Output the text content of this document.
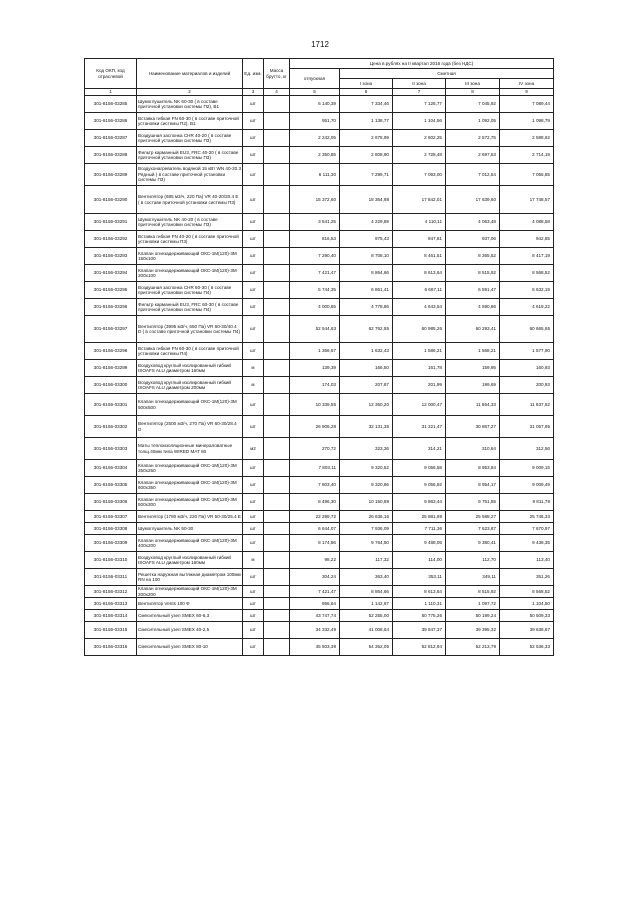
1712
Код ОКП, код отраслевой	Наименование материалов и изделий	Ед. изм.	Масса брутто, кг	Цена в рублях на II квартал 2016 года (без НДС)				
				отпускная	Сметная			
					I зона	II зона	III зона	IV зона
1	2	3	4	5	6	7	8	9
301-8156-03285	Шумоглушитель NK 60-30 ( в составе приточной установки системы П2), В1	шт		6 140,39	7 334,46	7 126,77	7 045,92	7 089,44
301-8156-03286	Вставка гибкая FN 60-30 ( в составе приточной установки системы П2), В1	шт		951,70	1 138,77	1 104,56	1 092,05	1 098,79
301-8156-03287	Воздушная заслонка CHR 40-20 ( в составе приточной установки системы П3)	шт		2 242,05	2 678,99	2 602,25	2 572,75	2 588,62
301-8156-03288	Фильтр карманный EU3, FRC 40-20 ( в составе приточной установки системы П3)	шт		2 350,85	2 808,90	2 728,48	2 697,53	2 714,19
301-8156-03289	Воздухонагреватель водяной 15 кВт WN 40-20.3 Рядный ( в составе приточной установки системы П3)	шт		6 111,30	7 299,71	7 093,00	7 012,54	7 055,85
301-8156-03290	Вентилятор (685 м3/ч, 220 Па) VR 40-20/20.4 Е ( в составе приточной установки системы П3)	шт		15 372,60	18 364,98	17 842,01	17 639,60	17 748,57
301-8156-03291	Шумоглушитель NK 40-20 ( в составе приточной установки системы П3)	шт		3 541,25	4 229,89	4 110,11	4 063,48	4 088,58
301-8156-03292	Вставка гибкая FN 40-20 ( в составе приточной установки системы П3)	шт		816,53	975,43	947,81	937,06	942,85
301-8156-03293	Клапан огнезадерживающий ОКС-1М(120)-3М 150х100	шт		7 290,40	8 708,10	8 461,51	8 365,52	8 417,19
301-8156-03294	Клапан огнезадерживающий ОКС-1М(120)-3М 200х100	шт		7 421,47	8 864,66	8 613,64	8 515,92	8 568,52
301-8156-03295	Воздушная заслонка CHR 60-30 ( в составе приточной установки системы П4)	шт		5 744,35	6 861,41	6 667,11	6 591,47	6 632,19
301-8156-03296	Фильтр карманный EU3, FRC 60-30 ( в составе приточной установки системы П4)	шт		4 000,65	4 778,86	4 643,54	4 590,86	4 619,22
301-8156-03297	Вентилятор (3995 м3/ч, 650 Па) VR 60-30/40.4 D ( в составе приточной установки системы П4)	шт		52 544,63	62 762,55	60 985,26	60 293,41	60 665,65
301-8156-03298	Вставка гибкая FN 60-30 ( в составе приточной установки системы П4)	шт		1 366,67	1 632,43	1 586,21	1 568,21	1 577,90
301-8156-03299	Воздуховод круглый изолированный гибкий ISOAFS ALU диаметром 160мм	м		139,39	166,50	161,78	159,95	160,93
301-8156-03300	Воздуховод круглый изолированный гибкий ISOAFS ALU диаметром 200мм	м		174,03	207,87	201,99	199,69	200,93
301-8156-03301	Клапан огнезадерживающий ОКС-1М(120)-3М 500х500	шт		10 339,55	12 350,20	12 000,47	11 864,33	11 937,62
301-8156-03302	Вентилятор (2500 м3/ч, 270 Па) VR 60-30/28.4 D	шт		26 906,28	32 131,35	31 221,47	30 867,27	31 057,95
301-8156-03303	Маты теплоизоляционные минераловатные толщ.40мм типа WIRED MAT 80	м2		270,72	323,36	314,21	310,64	312,56
301-8156-03304	Клапан огнезадерживающий ОКС-1М(120)-3М 250х250	шт		7 803,11	9 320,52	9 056,58	8 953,84	9 009,15
301-8156-03305	Клапан огнезадерживающий ОКС-1М(120)-3М 600х350	шт		7 803,40	9 320,86	9 056,92	8 954,17	9 009,49
301-8156-03306	Клапан огнезадерживающий ОКС-1М(120)-3М 500х300	шт		8 496,30	10 150,89	9 863,44	9 751,55	9 811,78
301-8156-03307	Вентилятор (1780 м3/ч, 220 Па) VR 50-30/25.4 Е	шт		22 299,72	26 636,16	25 881,89	25 588,27	25 746,33
301-8156-03308	Шумоглушитель NK 50-30	шт		6 644,07	7 936,09	7 711,36	7 623,87	7 670,97
301-8156-03309	Клапан огнезадерживающий ОКС-1М(120)-3М 400х200	шт		8 174,86	9 764,50	9 488,05	9 380,41	9 438,35
301-8156-03310	Воздуховод круглый изолированный гибкий ISOAFS ALU диаметром 160мм	м		98,22	117,32	114,00	112,70	113,40
301-8156-03311	Решетка наружная вытяжная диаметром 100мм RN на 100	шт		304,24	363,40	353,11	349,11	351,26
301-8156-03312	Клапан огнезадерживающий ОКС-1М(120)-3М 200х200	шт		7 421,47	8 864,66	8 613,64	8 515,92	8 568,52
301-8156-03313	Вентилятор Vents 100 Ф	шт		956,64	1 142,67	1 110,31	1 097,72	1 104,50
301-8156-03314	Смесительный узел SMEX 60-6,3	шт		43 747,74	52 255,00	50 775,26	50 199,24	50 509,33
301-8156-03315	Смесительный узел SMEX 40-2,5	шт		34 332,49	41 008,64	39 847,37	39 395,32	39 638,67
301-8156-03316	Смесительный узел SMEX 80-10	шт		45 503,39	54 352,05	52 812,94	52 213,79	52 536,33
